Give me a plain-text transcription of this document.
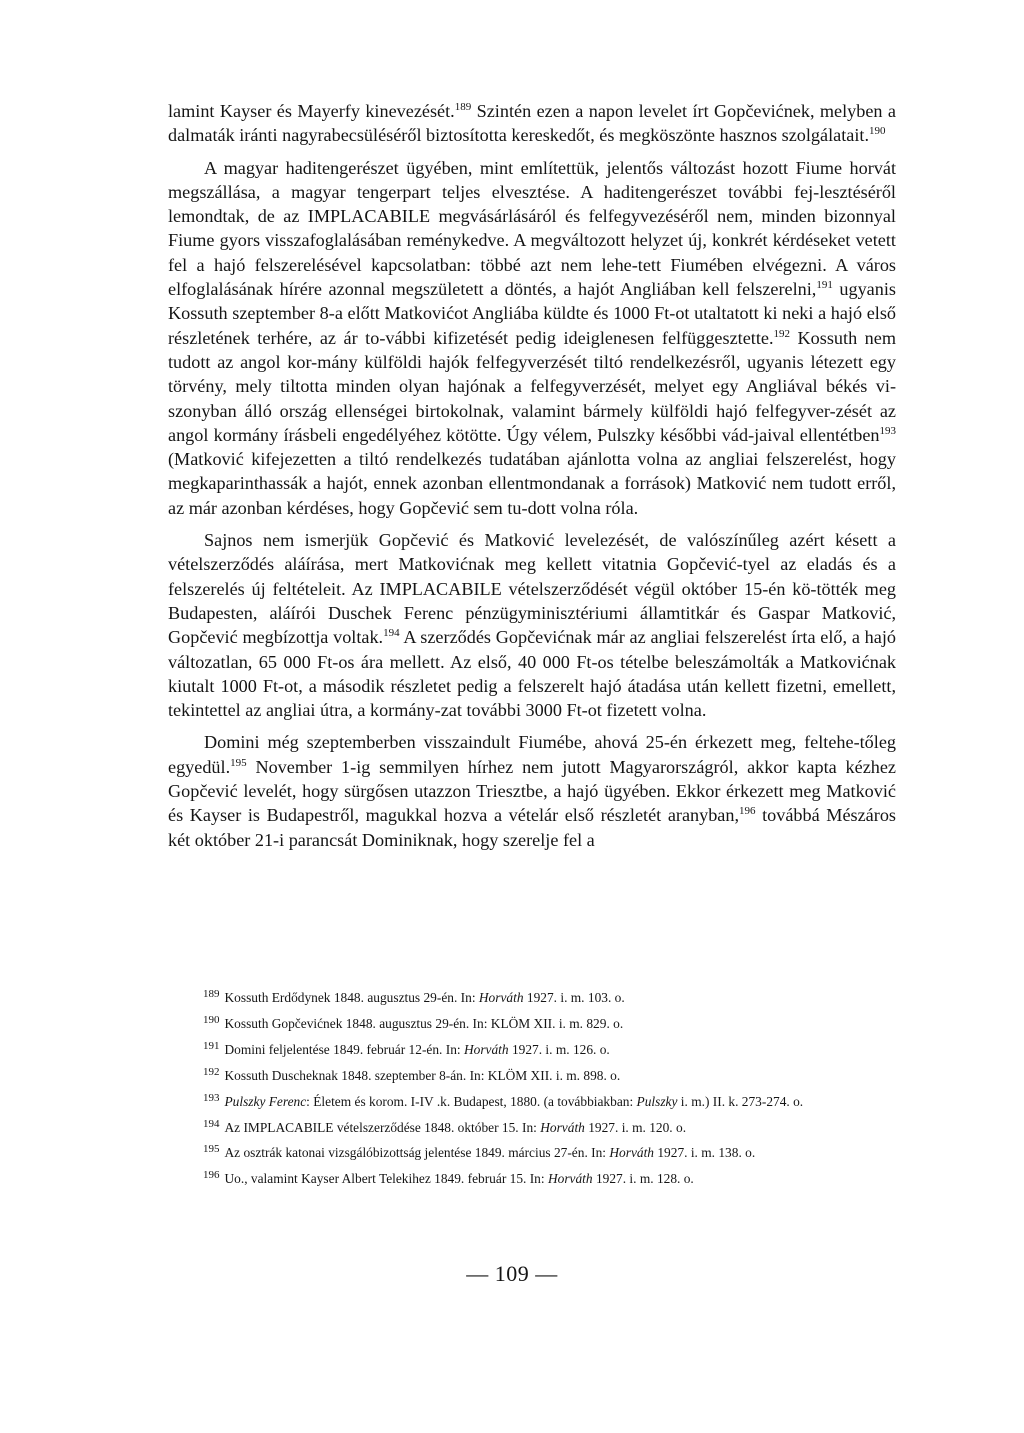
lamint Kayser és Mayerfy kinevezését.$^{189}$ Szintén ezen a napon levelet írt Gopčevićnek, melyben a dalmaták iránti nagyrabecsüléséről biztosította kereskedőt, és megköszönte hasznos szolgálatait.$^{190}$

A magyar haditengerészet ügyében, mint említettük, jelentős változást hozott Fiume horvát megszállása, a magyar tengerpart teljes elvesztése. A haditengerészet további fej-lesztéséről lemondtak, de az IMPLACABILE megvásárlásáról és felfegyvezéséről nem, minden bizonnyal Fiume gyors visszafoglalásában reménykedve. A megváltozott helyzet új, konkrét kérdéseket vetett fel a hajó felszerelésével kapcsolatban: többé azt nem lehe-tett Fiumében elvégezni. A város elfoglalásának hírére azonnal megszületett a döntés, a hajót Angliában kell felszerelni,$^{191}$ ugyanis Kossuth szeptember 8-a előtt Matkovićot Angliába küldte és 1000 Ft-ot utaltatott ki neki a hajó első részletének terhére, az ár to-vábbi kifizetését pedig ideiglenesen felfüggesztette.$^{192}$ Kossuth nem tudott az angol kor-mány külföldi hajók felfegyverzését tiltó rendelkezésről, ugyanis létezett egy törvény, mely tiltotta minden olyan hajónak a felfegyverzését, melyet egy Angliával békés vi-szonyban álló ország ellenségei birtokolnak, valamint bármely külföldi hajó felfegyver-zését az angol kormány írásbeli engedélyéhez kötötte. Úgy vélem, Pulszky későbbi vád-jaival ellentétben$^{193}$ (Matković kifejezetten a tiltó rendelkezés tudatában ajánlotta volna az angliai felszerelést, hogy megkaparinthassák a hajót, ennek azonban ellentmondanak a források) Matković nem tudott erről, az már azonban kérdéses, hogy Gopčević sem tu-dott volna róla.

Sajnos nem ismerjük Gopčević és Matković levelezését, de valószínűleg azért késett a vételszerződés aláírása, mert Matkovićnak meg kellett vitatnia Gopčević-tyel az eladás és a felszerelés új feltételeit. Az IMPLACABILE vételszerződését végül október 15-én kö-tötték meg Budapesten, aláírói Duschek Ferenc pénzügyminisztériumi államtitkár és Gaspar Matković, Gopčević megbízottja voltak.$^{194}$ A szerződés Gopčevićnak már az angliai felszerelést írta elő, a hajó változatlan, 65 000 Ft-os ára mellett. Az első, 40 000 Ft-os tételbe beleszámolták a Matkovićnak kiutalt 1000 Ft-ot, a második részletet pedig a felszerelt hajó átadása után kellett fizetni, emellett, tekintettel az angliai útra, a kormány-zat további 3000 Ft-ot fizetett volna.

Domini még szeptemberben visszaindult Fiumébe, ahová 25-én érkezett meg, feltehe-tőleg egyedül.$^{195}$ November 1-ig semmilyen hírhez nem jutott Magyarországról, akkor kapta kézhez Gopčević levelét, hogy sürgősen utazzon Triesztbe, a hajó ügyében. Ekkor érkezett meg Matković és Kayser is Budapestről, magukkal hozva a vételár első részletét aranyban,$^{196}$ továbbá Mészáros két október 21-i parancsát Dominiknak, hogy szerelje fel a

$^{189}$ Kossuth Erdődynek 1848. augusztus 29-én. In: Horváth 1927. i. m. 103. o.

$^{190}$ Kossuth Gopčevićnek 1848. augusztus 29-én. In: KLÖM XII. i. m. 829. o.

$^{191}$ Domini feljelentése 1849. február 12-én. In: Horváth 1927. i. m. 126. o.

$^{192}$ Kossuth Duscheknak 1848. szeptember 8-án. In: KLÖM XII. i. m. 898. o.

$^{193}$ Pulszky Ferenc: Életem és korom. I-IV .k. Budapest, 1880. (a továbbiakban: Pulszky i. m.) II. k. 273-274. o.

$^{194}$ Az IMPLACABILE vételszerződése 1848. október 15. In: Horváth 1927. i. m. 120. o.

$^{195}$ Az osztrák katonai vizsgálóbizottság jelentése 1849. március 27-én. In: Horváth 1927. i. m. 138. o.

$^{196}$ Uo., valamint Kayser Albert Telekihez 1849. február 15. In: Horváth 1927. i. m. 128. o.

— 109 —
